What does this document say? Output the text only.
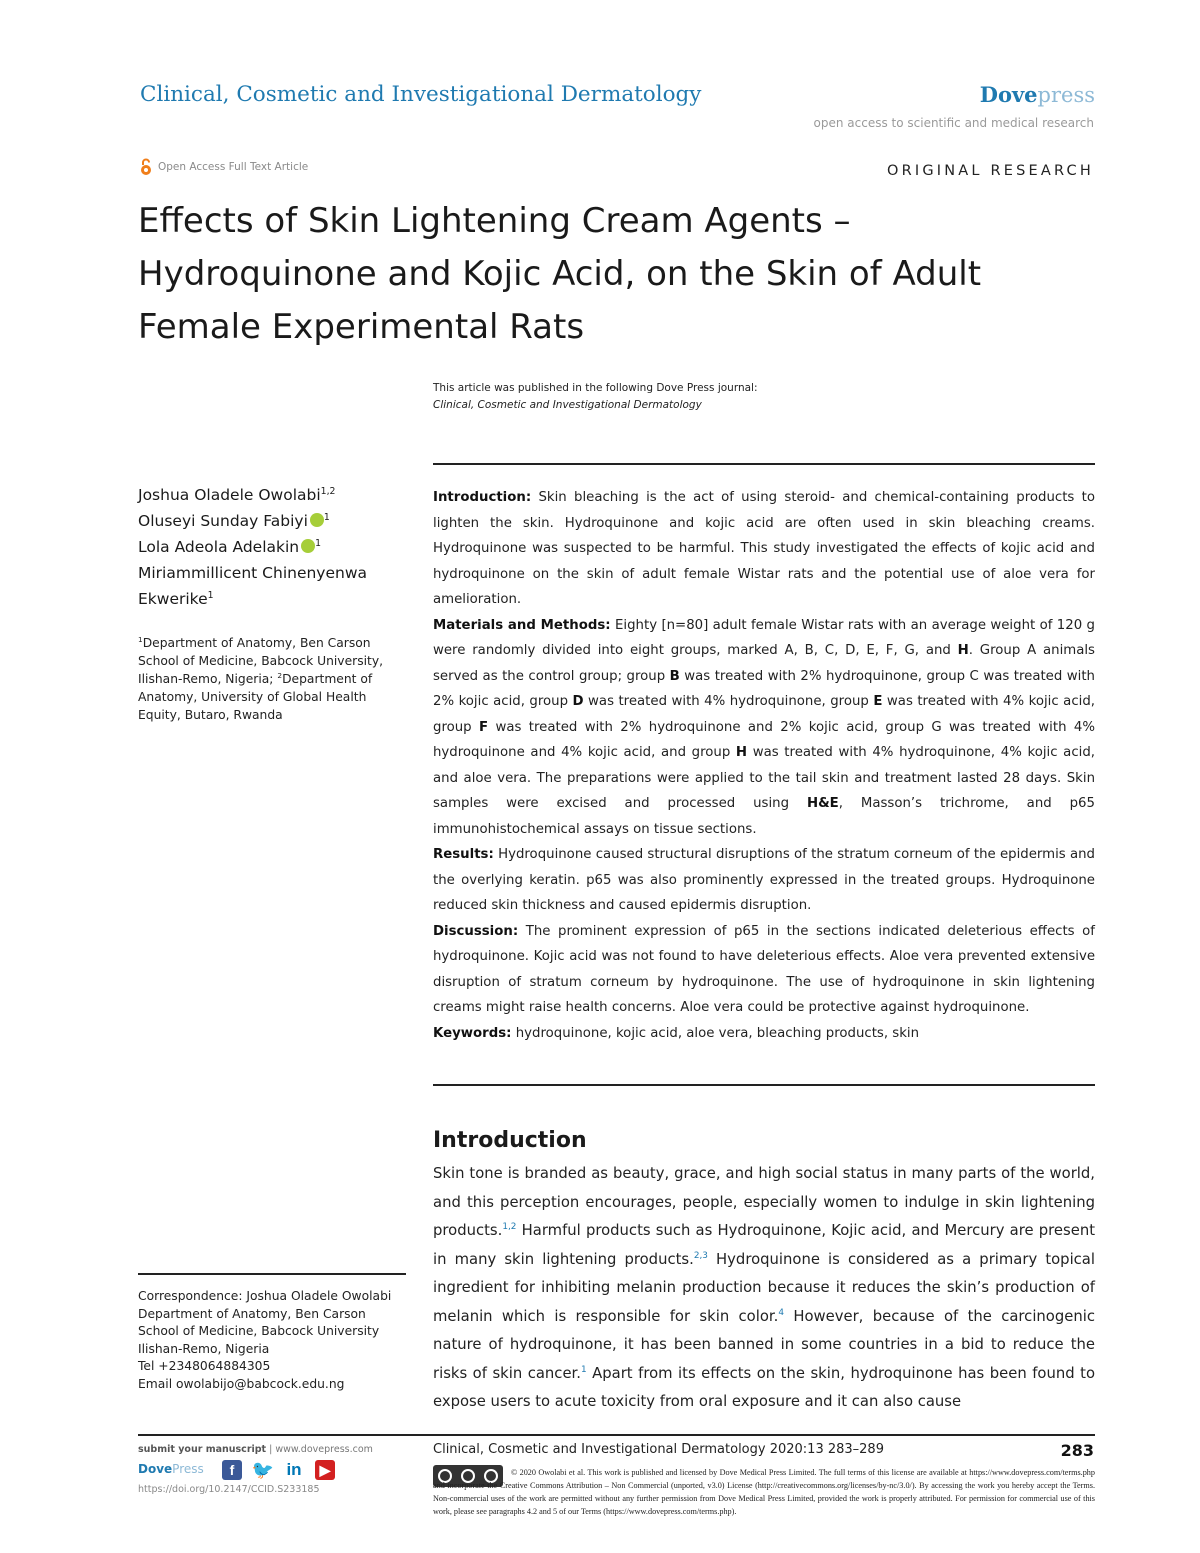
Clinical, Cosmetic and Investigational Dermatology	Dovepress
open access to scientific and medical research
Open Access Full Text Article	ORIGINAL RESEARCH
Effects of Skin Lightening Cream Agents – Hydroquinone and Kojic Acid, on the Skin of Adult Female Experimental Rats
This article was published in the following Dove Press journal:
Clinical, Cosmetic and Investigational Dermatology
Joshua Oladele Owolabi$^{1,2}$
Oluseyi Sunday Fabiyi $^1$
Lola Adeola Adelakin $^1$
Miriammillicent Chinenyenwa
Ekwerike$^1$
$^1$Department of Anatomy, Ben Carson School of Medicine, Babcock University, Ilishan-Remo, Nigeria; $^2$Department of Anatomy, University of Global Health Equity, Butaro, Rwanda

Introduction: Skin bleaching is the act of using steroid- and chemical-containing products to lighten the skin. Hydroquinone and kojic acid are often used in skin bleaching creams. Hydroquinone was suspected to be harmful. This study investigated the effects of kojic acid and hydroquinone on the skin of adult female Wistar rats and the potential use of aloe vera for amelioration.

Materials and Methods: Eighty [n=80] adult female Wistar rats with an average weight of 120 g were randomly divided into eight groups, marked A, B, C, D, E, F, G, and H. Group A animals served as the control group; group B was treated with 2% hydroquinone, group C was treated with 2% kojic acid, group D was treated with 4% hydroquinone, group E was treated with 4% kojic acid, group F was treated with 2% hydroquinone and 2% kojic acid, group G was treated with 4% hydroquinone and 4% kojic acid, and group H was treated with 4% hydroquinone, 4% kojic acid, and aloe vera. The preparations were applied to the tail skin and treatment lasted 28 days. Skin samples were excised and processed using H&E, Masson’s trichrome, and p65 immunohistochemical assays on tissue sections.

Results: Hydroquinone caused structural disruptions of the stratum corneum of the epidermis and the overlying keratin. p65 was also prominently expressed in the treated groups. Hydroquinone reduced skin thickness and caused epidermis disruption.

Discussion: The prominent expression of p65 in the sections indicated deleterious effects of hydroquinone. Kojic acid was not found to have deleterious effects. Aloe vera prevented extensive disruption of stratum corneum by hydroquinone. The use of hydroquinone in skin lightening creams might raise health concerns. Aloe vera could be protective against hydroquinone.

Keywords: hydroquinone, kojic acid, aloe vera, bleaching products, skin

Introduction

Skin tone is branded as beauty, grace, and high social status in many parts of the world, and this perception encourages, people, especially women to indulge in skin lightening products.$^{1,2}$ Harmful products such as Hydroquinone, Kojic acid, and Mercury are present in many skin lightening products.$^{2,3}$ Hydroquinone is considered as a primary topical ingredient for inhibiting melanin production because it reduces the skin’s production of melanin which is responsible for skin color.$^4$ However, because of the carcinogenic nature of hydroquinone, it has been banned in some countries in a bid to reduce the risks of skin cancer.$^1$ Apart from its effects on the skin, hydroquinone has been found to expose users to acute toxicity from oral exposure and it can also cause

Correspondence: Joshua Oladele Owolabi
Department of Anatomy, Ben Carson School of Medicine, Babcock University Ilishan-Remo, Nigeria
Tel +2348064884305
Email owolabijo@babcock.edu.ng
submit your manuscript | www.dovepress.com
DovePress	f 🐦 in	▶
https://doi.org/10.2147/CCID.S233185
Clinical, Cosmetic and Investigational Dermatology 2020:13 283–289	283
© 2020 Owolabi et al. This work is published and licensed by Dove Medical Press Limited. The full terms of this license are available at https://www.dovepress.com/terms.php and incorporate the Creative Commons Attribution – Non Commercial (unported, v3.0) License (http://creativecommons.org/licenses/by-nc/3.0/). By accessing the work you hereby accept the Terms. Non-commercial uses of the work are permitted without any further permission from Dove Medical Press Limited, provided the work is properly attributed. For permission for commercial use of this work, please see paragraphs 4.2 and 5 of our Terms (https://www.dovepress.com/terms.php).
